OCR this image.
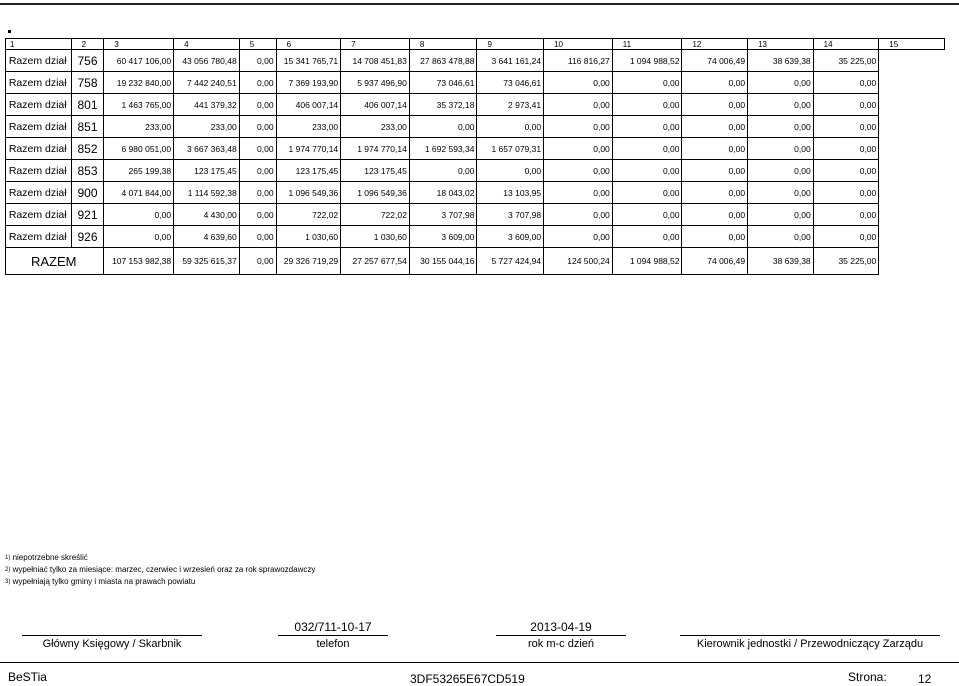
1	2	3	4	5	6	7	8	9	10	11	12	13	14	15
Razem dział	756	60 417 106,00	43 056 780,48	0,00	15 341 765,71	14 708 451,83	27 863 478,88	3 641 161,24	116 816,27	1 094 988,52	74 006,49	38 639,38	35 225,00	
Razem dział	758	19 232 840,00	7 442 240,51	0,00	7 369 193,90	5 937 496,90	73 046,61	73 046,61	0,00	0,00	0,00	0,00	0,00	
Razem dział	801	1 463 765,00	441 379,32	0,00	406 007,14	406 007,14	35 372,18	2 973,41	0,00	0,00	0,00	0,00	0,00	
Razem dział	851	233,00	233,00	0,00	233,00	233,00	0,00	0,00	0,00	0,00	0,00	0,00	0,00	
Razem dział	852	6 980 051,00	3 667 363,48	0,00	1 974 770,14	1 974 770,14	1 692 593,34	1 657 079,31	0,00	0,00	0,00	0,00	0,00	
Razem dział	853	265 199,38	123 175,45	0,00	123 175,45	123 175,45	0,00	0,00	0,00	0,00	0,00	0,00	0,00	
Razem dział	900	4 071 844,00	1 114 592,38	0,00	1 096 549,36	1 096 549,36	18 043,02	13 103,95	0,00	0,00	0,00	0,00	0,00	
Razem dział	921	0,00	4 430,00	0,00	722,02	722,02	3 707,98	3 707,98	0,00	0,00	0,00	0,00	0,00	
Razem dział	926	0,00	4 639,60	0,00	1 030,60	1 030,60	3 609,00	3 609,00	0,00	0,00	0,00	0,00	0,00	
RAZEM		107 153 982,38	59 325 615,37	0,00	29 326 719,29	27 257 677,54	30 155 044,16	5 727 424,94	124 500,24	1 094 988,52	74 006,49	38 639,38	35 225,00	
$^{1)}$ niepotrzebne skreślić
$^{2)}$ wypełniać tylko za miesiące: marzec, czerwiec i wrzesień oraz za rok sprawozdawczy
$^{3)}$ wypełniają tylko gminy i miasta na prawach powiatu
Główny Księgowy / Skarbnik
032/711-10-17
telefon
2013-04-19
rok m-c dzień	Kierownik jednostki / Przewodniczący Zarządu
BeSTia	3DF53265E67CD519	Strona:	12
